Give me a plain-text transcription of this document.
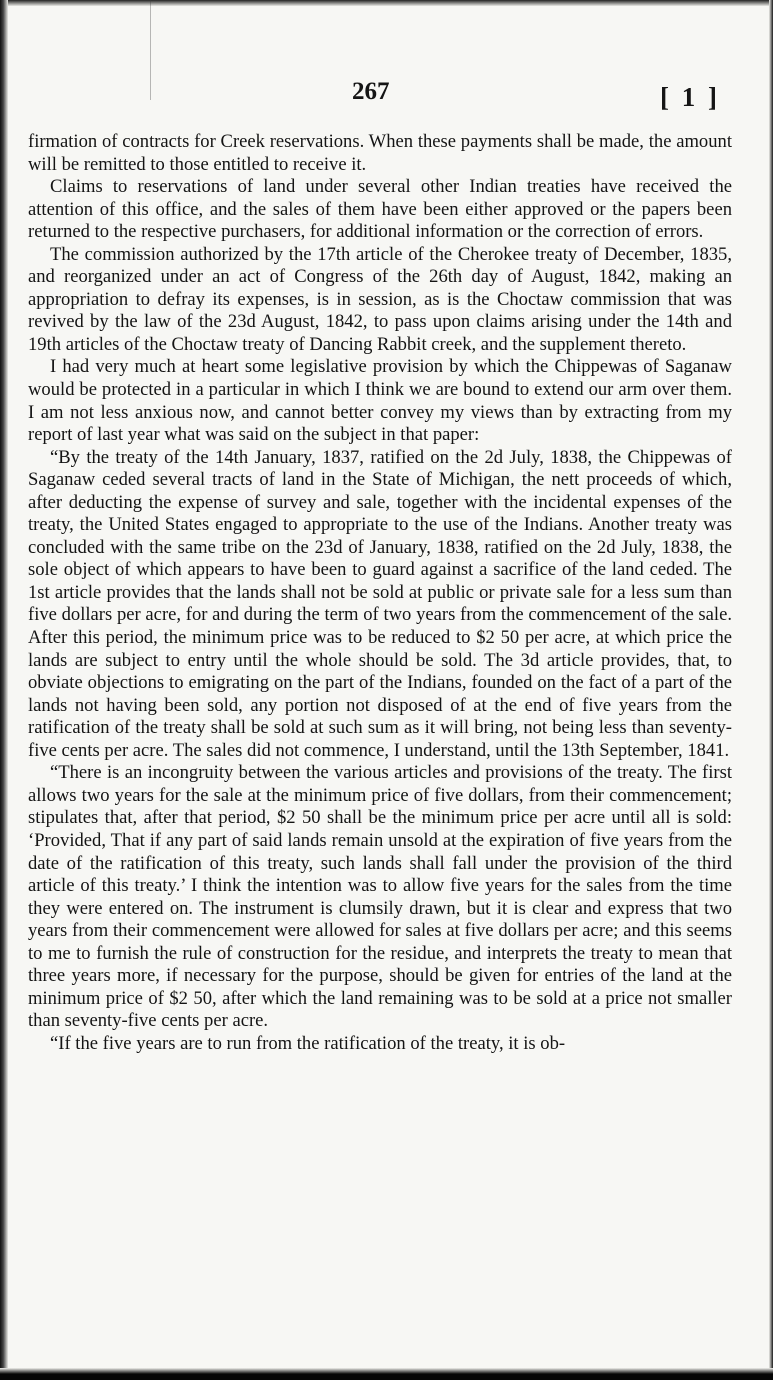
267	[ 1 ]

firmation of contracts for Creek reservations. When these payments shall be made, the amount will be remitted to those entitled to receive it.

Claims to reservations of land under several other Indian treaties have received the attention of this office, and the sales of them have been either approved or the papers been returned to the respective purchasers, for additional information or the correction of errors.

The commission authorized by the 17th article of the Cherokee treaty of December, 1835, and reorganized under an act of Congress of the 26th day of August, 1842, making an appropriation to defray its expenses, is in session, as is the Choctaw commission that was revived by the law of the 23d August, 1842, to pass upon claims arising under the 14th and 19th articles of the Choctaw treaty of Dancing Rabbit creek, and the supplement thereto.

I had very much at heart some legislative provision by which the Chippewas of Saganaw would be protected in a particular in which I think we are bound to extend our arm over them. I am not less anxious now, and cannot better convey my views than by extracting from my report of last year what was said on the subject in that paper:

“By the treaty of the 14th January, 1837, ratified on the 2d July, 1838, the Chippewas of Saganaw ceded several tracts of land in the State of Michigan, the nett proceeds of which, after deducting the expense of survey and sale, together with the incidental expenses of the treaty, the United States engaged to appropriate to the use of the Indians. Another treaty was concluded with the same tribe on the 23d of January, 1838, ratified on the 2d July, 1838, the sole object of which appears to have been to guard against a sacrifice of the land ceded. The 1st article provides that the lands shall not be sold at public or private sale for a less sum than five dollars per acre, for and during the term of two years from the commencement of the sale. After this period, the minimum price was to be reduced to $2 50 per acre, at which price the lands are subject to entry until the whole should be sold. The 3d article provides, that, to obviate objections to emigrating on the part of the Indians, founded on the fact of a part of the lands not having been sold, any portion not disposed of at the end of five years from the ratification of the treaty shall be sold at such sum as it will bring, not being less than seventy-five cents per acre. The sales did not commence, I understand, until the 13th September, 1841.

“There is an incongruity between the various articles and provisions of the treaty. The first allows two years for the sale at the minimum price of five dollars, from their commencement; stipulates that, after that period, $2 50 shall be the minimum price per acre until all is sold: ‘Provided, That if any part of said lands remain unsold at the expiration of five years from the date of the ratification of this treaty, such lands shall fall under the provision of the third article of this treaty.’ I think the intention was to allow five years for the sales from the time they were entered on. The instrument is clumsily drawn, but it is clear and express that two years from their commencement were allowed for sales at five dollars per acre; and this seems to me to furnish the rule of construction for the residue, and interprets the treaty to mean that three years more, if necessary for the purpose, should be given for entries of the land at the minimum price of $2 50, after which the land remaining was to be sold at a price not smaller than seventy-five cents per acre.

“If the five years are to run from the ratification of the treaty, it is ob-
